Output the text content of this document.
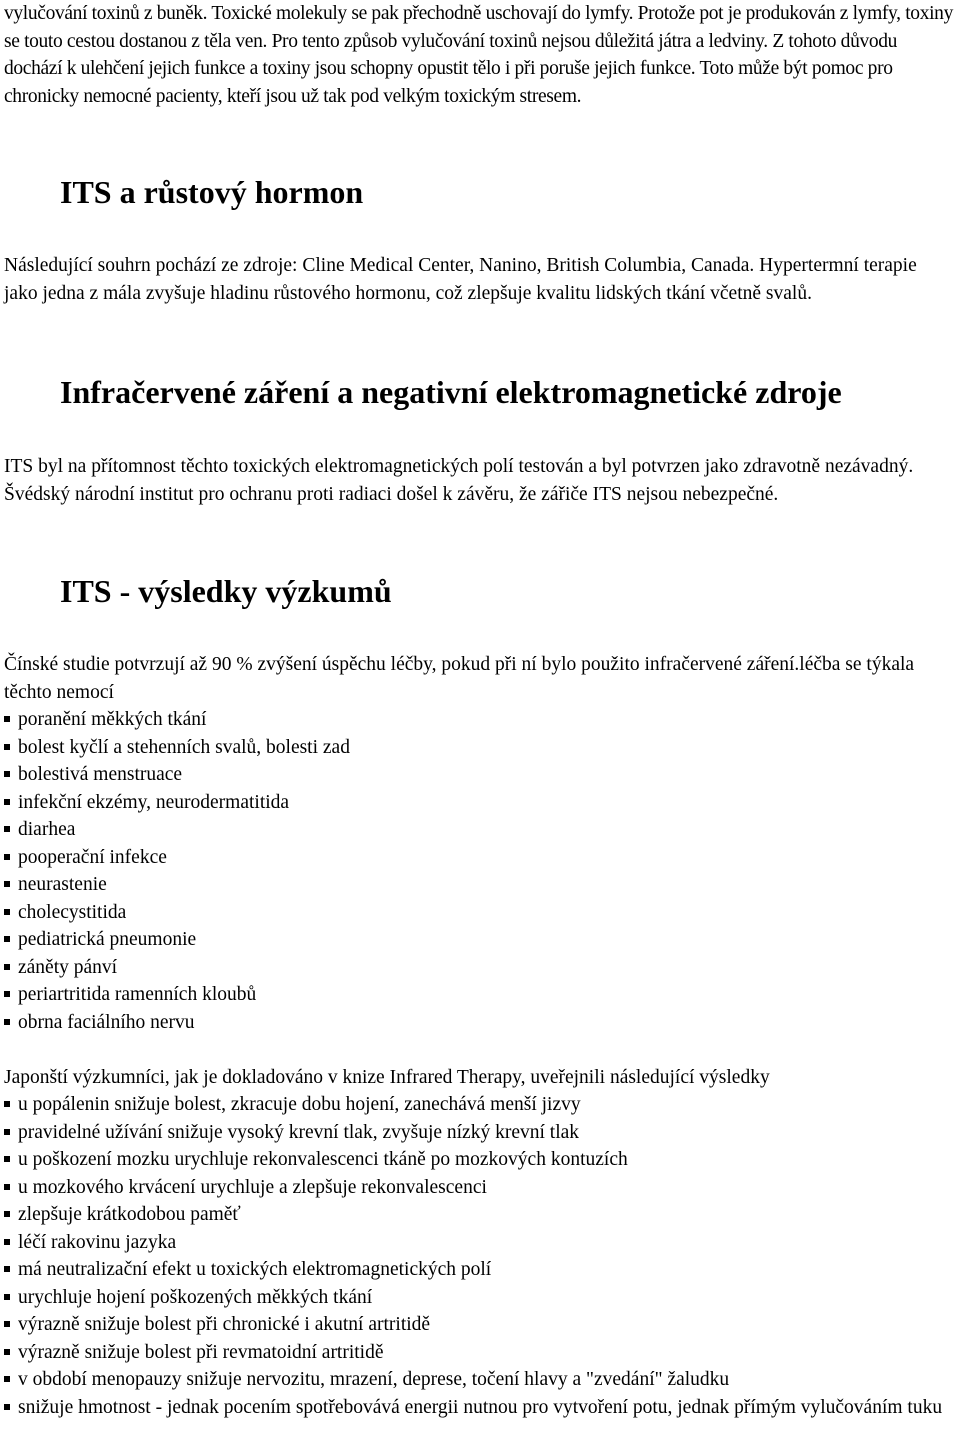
vylučování toxinů z buněk. Toxické molekuly se pak přechodně uschovají do lymfy. Protože pot je produkován z lymfy, toxiny se touto cestou dostanou z těla ven. Pro tento způsob vylučování toxinů nejsou důležitá játra a ledviny. Z tohoto důvodu dochází k ulehčení jejich funkce a toxiny jsou schopny opustit tělo i při poruše jejich funkce. Toto může být pomoc pro chronicky nemocné pacienty, kteří jsou už tak pod velkým toxickým stresem.

ITS a růstový hormon

Následující souhrn pochází ze zdroje: Cline Medical Center, Nanino, British Columbia, Canada. Hypertermní terapie jako jedna z mála zvyšuje hladinu růstového hormonu, což zlepšuje kvalitu lidských tkání včetně svalů.

Infračervené záření a negativní elektromagnetické zdroje

ITS byl na přítomnost těchto toxických elektromagnetických polí testován a byl potvrzen jako zdravotně nezávadný. Švédský národní institut pro ochranu proti radiaci došel k závěru, že zářiče ITS nejsou nebezpečné.

ITS - výsledky výzkumů

Čínské studie potvrzují až 90 % zvýšení úspěchu léčby, pokud při ní bylo použito infračervené záření.léčba se týkala těchto nemocí

poranění měkkých tkání
bolest kyčlí a stehenních svalů, bolesti zad
bolestivá menstruace
infekční ekzémy, neurodermatitida
diarhea
pooperační infekce
neurastenie
cholecystitida
pediatrická pneumonie
záněty pánví
periartritida ramenních kloubů
obrna faciálního nervu

Japonští výzkumníci, jak je dokladováno v knize Infrared Therapy, uveřejnili následující výsledky

u popálenin snižuje bolest, zkracuje dobu hojení, zanechává menší jizvy
pravidelné užívání snižuje vysoký krevní tlak, zvyšuje nízký krevní tlak
u poškození mozku urychluje rekonvalescenci tkáně po mozkových kontuzích
u mozkového krvácení urychluje a zlepšuje rekonvalescenci
zlepšuje krátkodobou paměť
léčí rakovinu jazyka
má neutralizační efekt u toxických elektromagnetických polí
urychluje hojení poškozených měkkých tkání
výrazně snižuje bolest při chronické i akutní artritidě
výrazně snižuje bolest při revmatoidní artritidě
v období menopauzy snižuje nervozitu, mrazení, deprese, točení hlavy a "zvedání" žaludku
snižuje hmotnost - jednak pocením spotřebovává energii nutnou pro vytvoření potu, jednak přímým vylučováním tuku
